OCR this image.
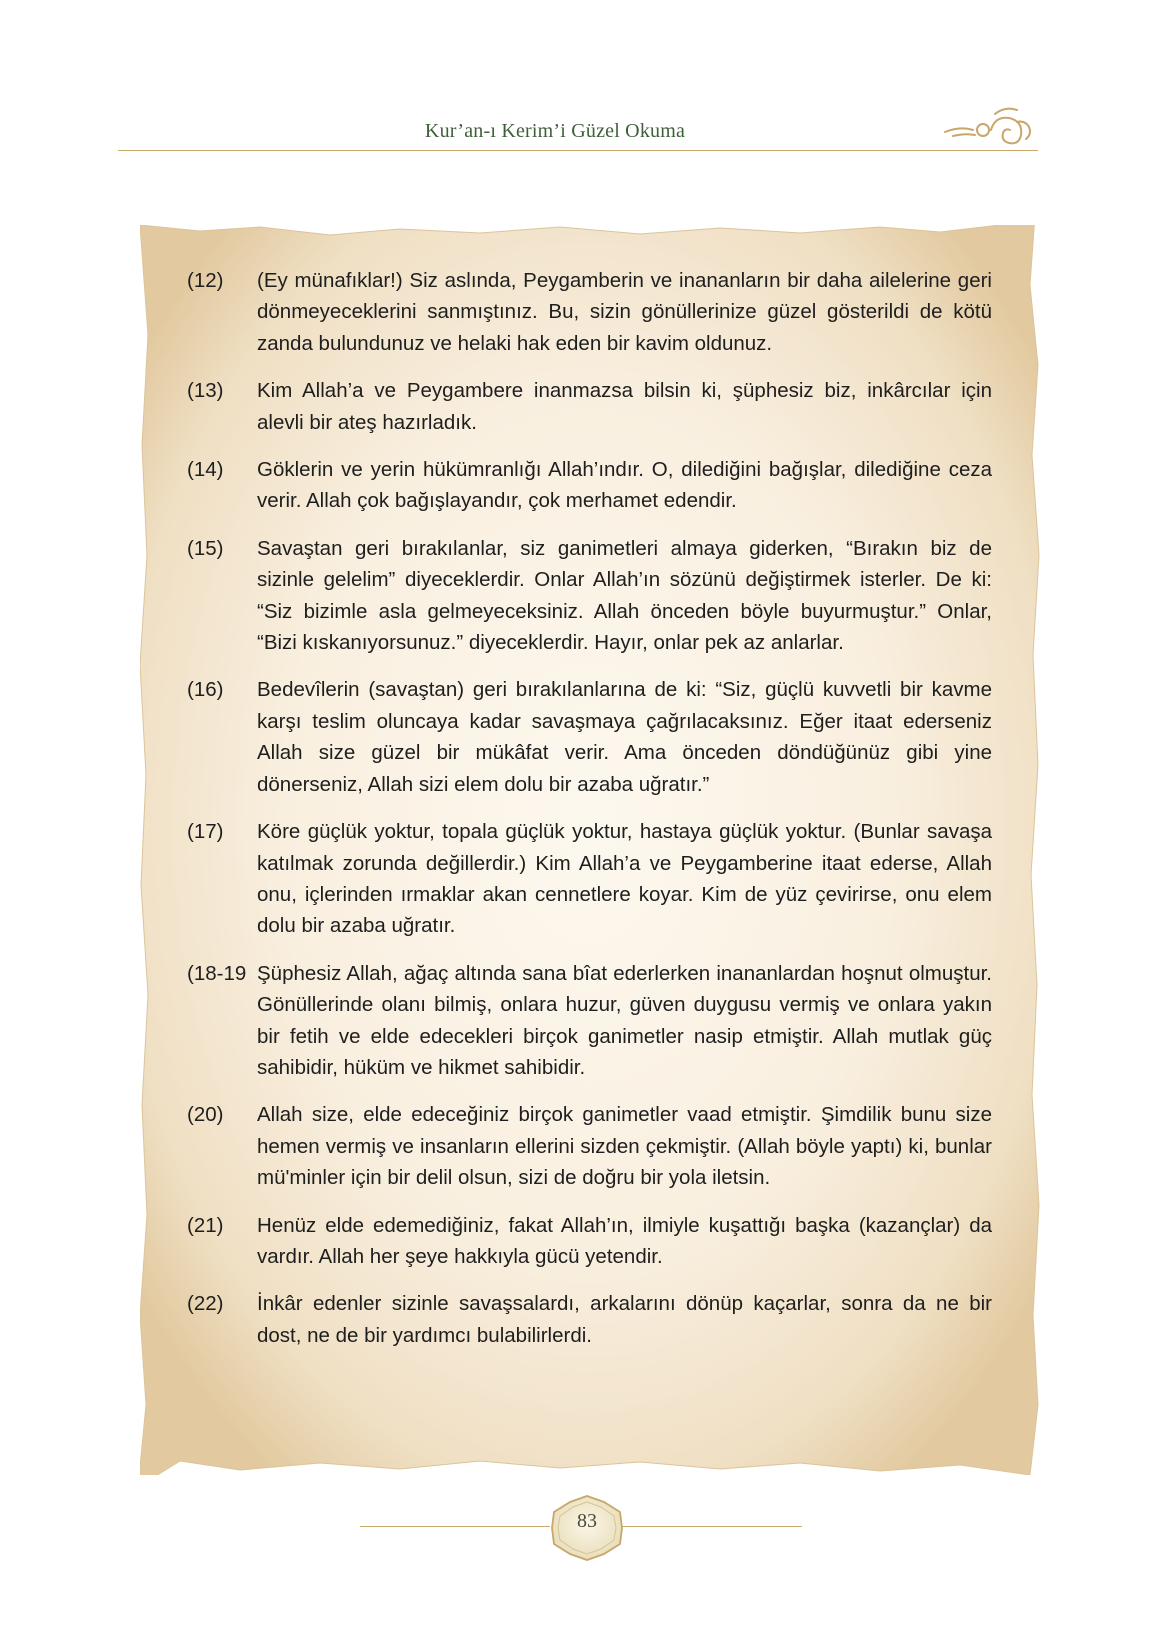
Kur’an-ı Kerim’i Güzel Okuma
(12)	(Ey münafıklar!) Siz aslında, Peygamberin ve inananların bir daha ailelerine geri dönmeyeceklerini sanmıştınız. Bu, sizin gönüllerinize güzel gösterildi de kötü zanda bulundunuz ve helaki hak eden bir kavim oldunuz.
(13)	Kim Allah’a ve Peygambere inanmazsa bilsin ki, şüphesiz biz, inkârcılar için alevli bir ateş hazırladık.
(14)	Göklerin ve yerin hükümranlığı Allah’ındır. O, dilediğini bağışlar, dilediğine ceza verir. Allah çok bağışlayandır, çok merhamet edendir.
(15)	Savaştan geri bırakılanlar, siz ganimetleri almaya giderken, “Bırakın biz de sizinle gelelim” diyeceklerdir. Onlar Allah’ın sözünü değiştirmek isterler. De ki: “Siz bizimle asla gelmeyeceksiniz. Allah önceden böyle buyurmuştur.” Onlar, “Bizi kıskanıyorsunuz.” diyeceklerdir. Hayır, onlar pek az anlarlar.
(16)	Bedevîlerin (savaştan) geri bırakılanlarına de ki: “Siz, güçlü kuvvetli bir kavme karşı teslim oluncaya kadar savaşmaya çağrılacaksınız. Eğer itaat ederseniz Allah size güzel bir mükâfat verir. Ama önceden döndüğünüz gibi yine dönerseniz, Allah sizi elem dolu bir azaba uğratır.”
(17)	Köre güçlük yoktur, topala güçlük yoktur, hastaya güçlük yoktur. (Bunlar savaşa katılmak zorunda değillerdir.) Kim Allah’a ve Peygamberine itaat ederse, Allah onu, içlerinden ırmaklar akan cennetlere koyar. Kim de yüz çevirirse, onu elem dolu bir azaba uğratır.
(18-19 Şüphesiz Allah, ağaç altında sana bîat ederlerken inananlardan hoşnut olmuştur. Gönüllerinde olanı bilmiş, onlara huzur, güven duygusu vermiş ve onlara yakın bir fetih ve elde edecekleri birçok ganimetler nasip etmiştir. Allah mutlak güç sahibidir, hüküm ve hikmet sahibidir.
(20)	Allah size, elde edeceğiniz birçok ganimetler vaad etmiştir. Şimdilik bunu size hemen vermiş ve insanların ellerini sizden çekmiştir. (Allah böyle yaptı) ki, bunlar mü'minler için bir delil olsun, sizi de doğru bir yola iletsin.
(21)	Henüz elde edemediğiniz, fakat Allah’ın, ilmiyle kuşattığı başka (kazançlar) da vardır. Allah her şeye hakkıyla gücü yetendir.
(22)	İnkâr edenler sizinle savaşsalardı, arkalarını dönüp kaçarlar, sonra da ne bir dost, ne de bir yardımcı bulabilirlerdi.
83
